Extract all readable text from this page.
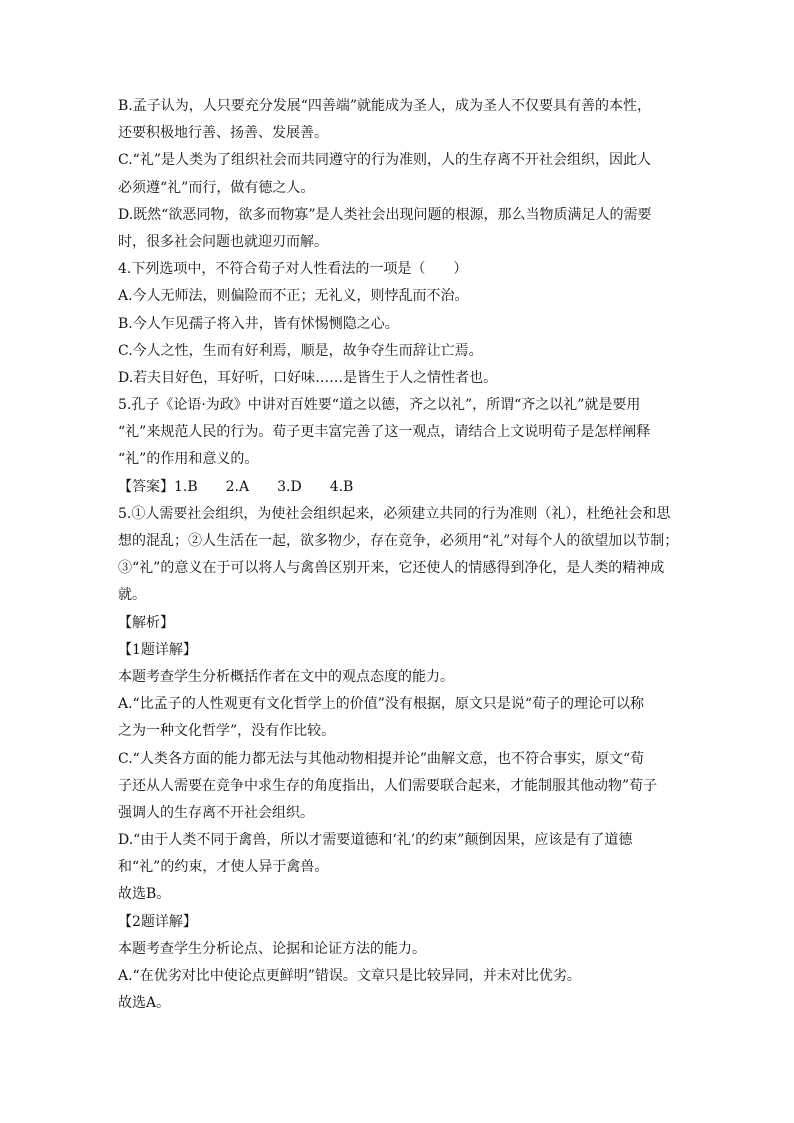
B.孟子认为，人只要充分发展“四善端”就能成为圣人，成为圣人不仅要具有善的本性，
还要积极地行善、扬善、发展善。
C.“礼”是人类为了组织社会而共同遵守的行为准则，人的生存离不开社会组织，因此人
必须遵“礼”而行，做有德之人。
D.既然“欲恶同物，欲多而物寡”是人类社会出现问题的根源，那么当物质满足人的需要
时，很多社会问题也就迎刃而解。
4.下列选项中，不符合荀子对人性看法的一项是（　　）
A.今人无师法，则偏险而不正；无礼义，则悖乱而不治。
B.今人乍见孺子将入井，皆有怵惕恻隐之心。
C.今人之性，生而有好利焉，顺是，故争夺生而辞让亡焉。
D.若夫目好色，耳好听，口好味……是皆生于人之情性者也。
5.孔子《论语·为政》中讲对百姓要“道之以德，齐之以礼”，所谓“齐之以礼”就是要用
“礼”来规范人民的行为。荀子更丰富完善了这一观点，请结合上文说明荀子是怎样阐释
“礼”的作用和意义的。
【答案】1.B　　2.A　　3.D　　4.B
5.①人需要社会组织，为使社会组织起来，必须建立共同的行为准则（礼），杜绝社会和思
想的混乱；②人生活在一起，欲多物少，存在竞争，必须用“礼”对每个人的欲望加以节制；
③“礼”的意义在于可以将人与禽兽区别开来，它还使人的情感得到净化，是人类的精神成
就。
【解析】
【1题详解】
本题考查学生分析概括作者在文中的观点态度的能力。
A.“比孟子的人性观更有文化哲学上的价值”没有根据，原文只是说“荀子的理论可以称
之为一种文化哲学”，没有作比较。
C.“人类各方面的能力都无法与其他动物相提并论”曲解文意，也不符合事实，原文“荀
子还从人需要在竞争中求生存的角度指出，人们需要联合起来，才能制服其他动物”荀子
强调人的生存离不开社会组织。
D.“由于人类不同于禽兽，所以才需要道德和‘礼’的约束”颠倒因果，应该是有了道德
和“礼”的约束，才使人异于禽兽。
故选B。
【2题详解】
本题考查学生分析论点、论据和论证方法的能力。
A.“在优劣对比中使论点更鲜明”错误。文章只是比较异同，并未对比优劣。
故选A。
